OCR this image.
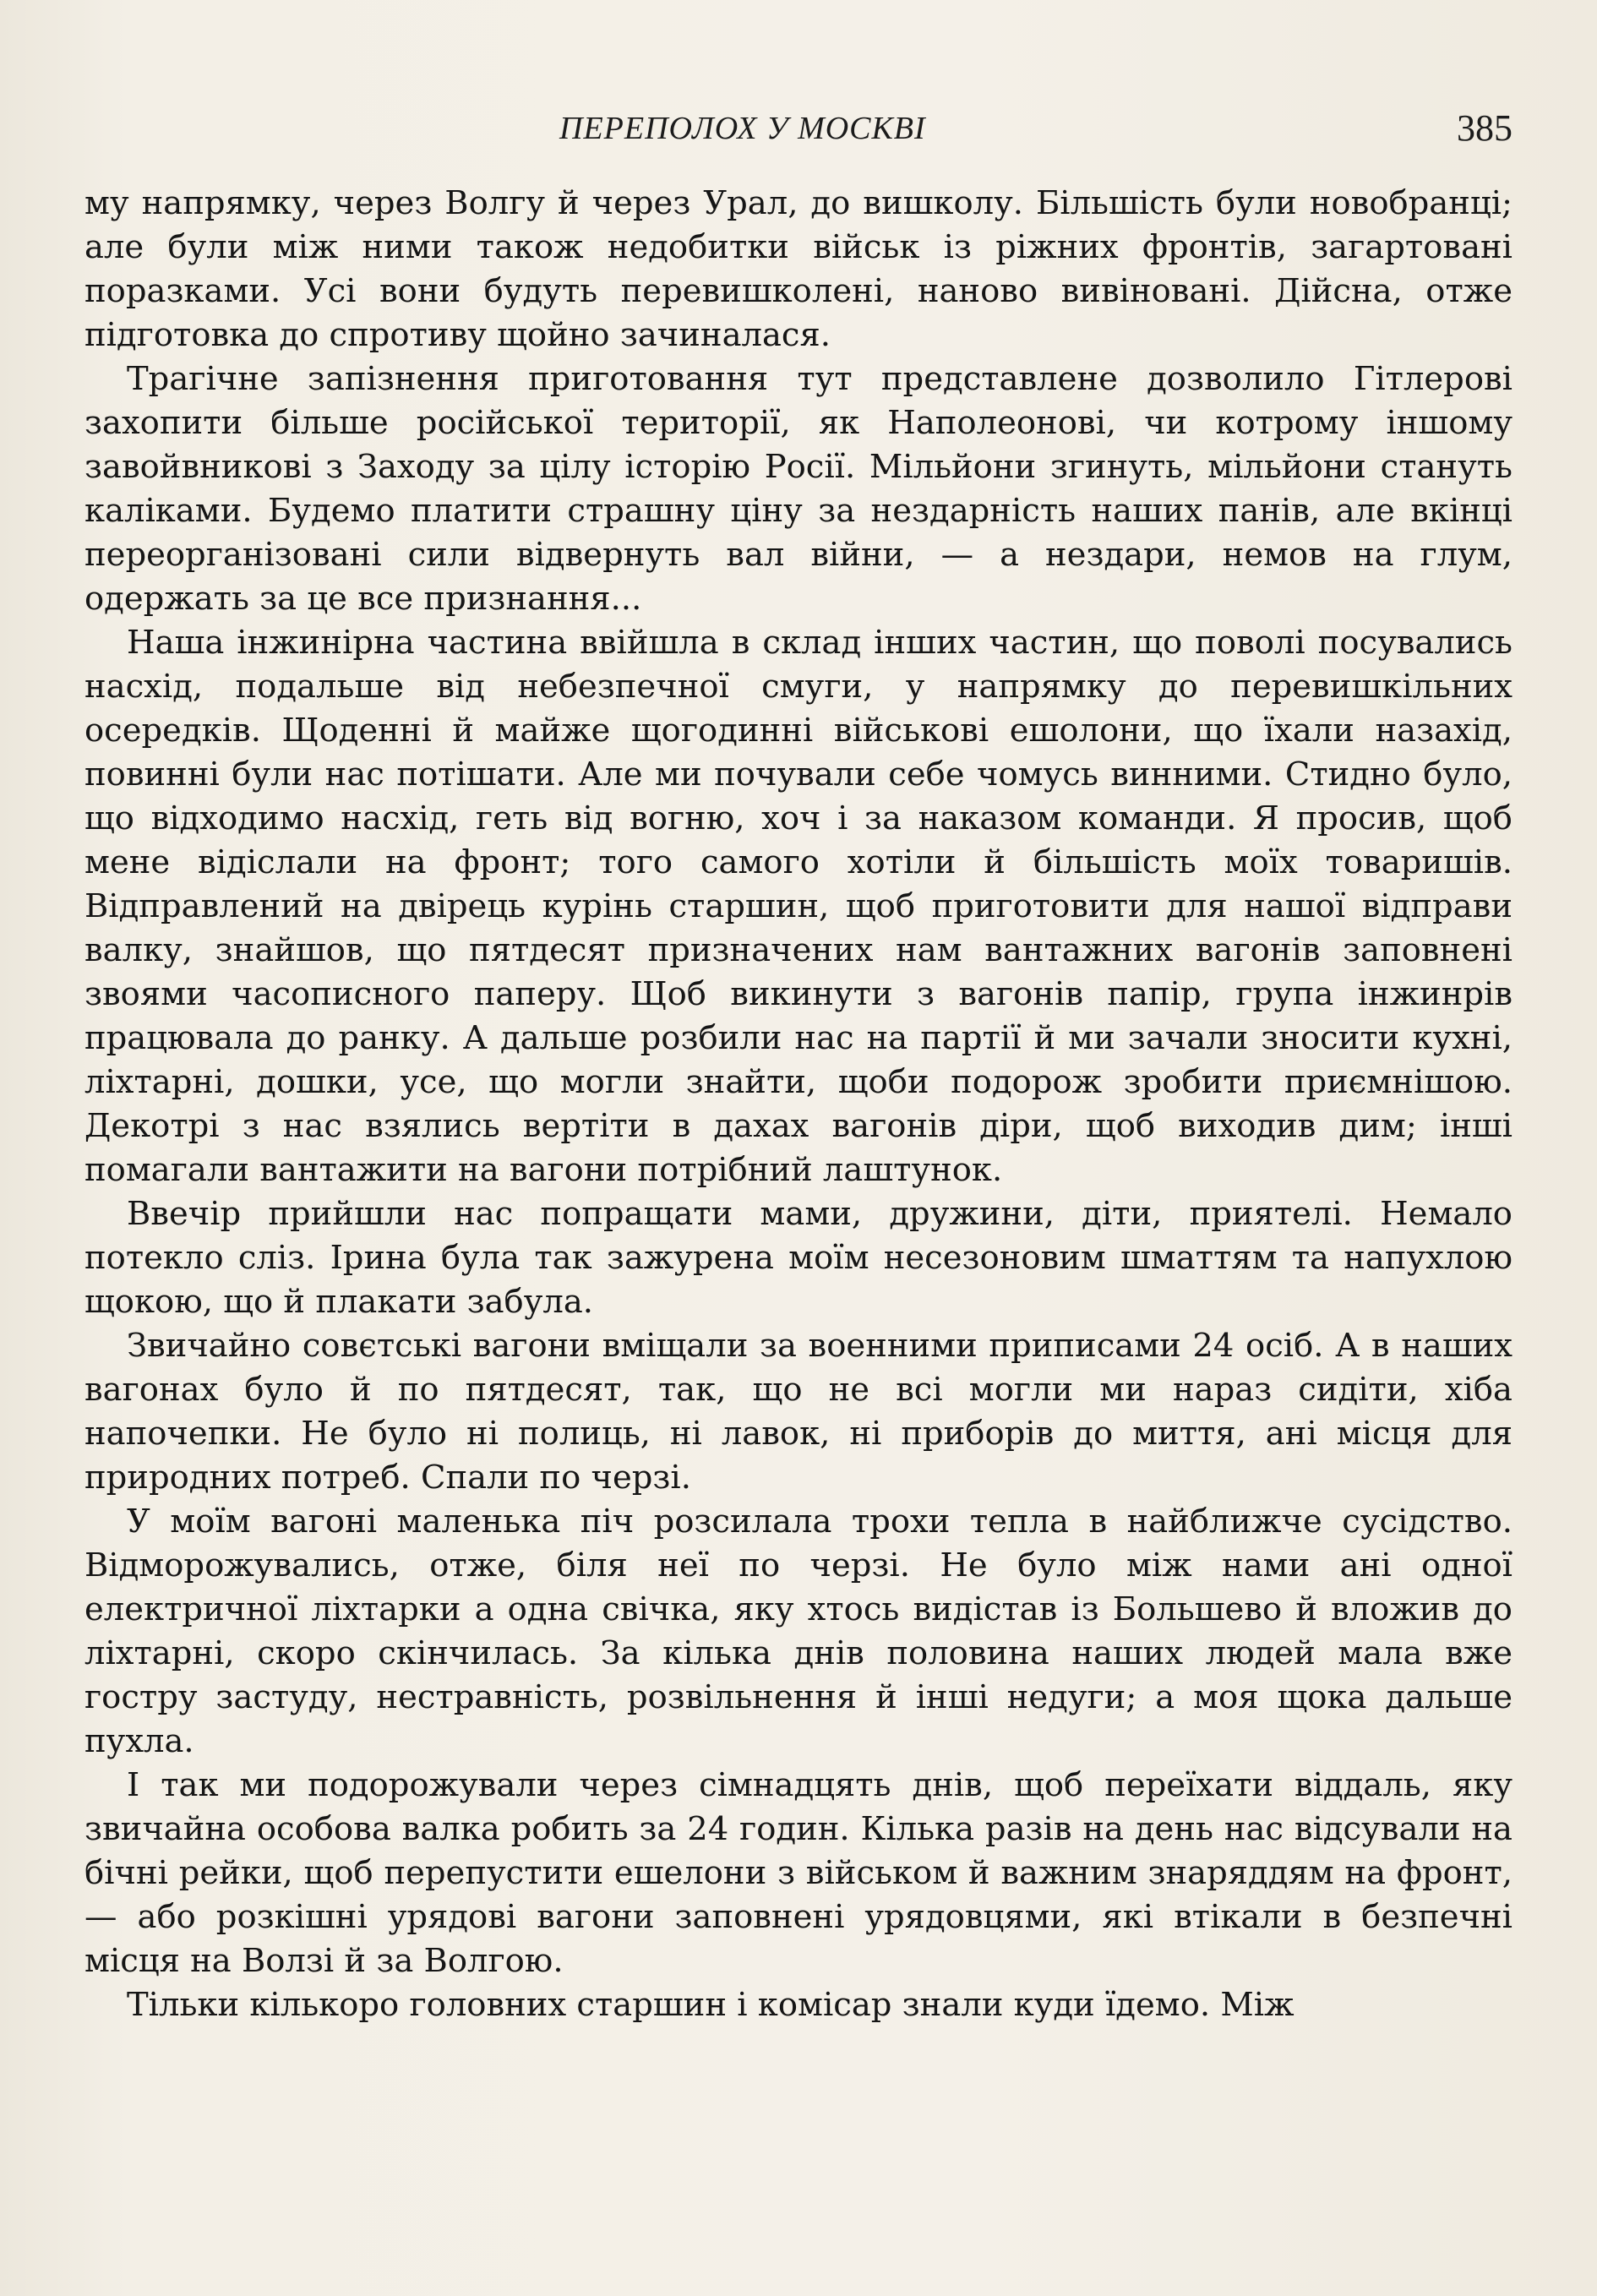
ПЕРЕПОЛОХ У МОСКВІ	385

му напрямку, через Волгу й через Урал, до вишколу. Більшість були новобранці; але були між ними також недобитки військ із ріжних фронтів, загартовані поразками. Усі вони будуть перевишколені, наново вивіновані. Дійсна, отже підготовка до спротиву щойно зачиналася.

Трагічне запізнення приготовання тут представлене дозволило Гітлерові захопити більше російської території, як Наполеонові, чи котрому іншому завойвникові з Заходу за цілу історію Росії. Мільйони згинуть, мільйони стануть каліками. Будемо платити страшну ціну за нездарність наших панів, але вкінці переорганізовані сили відвернуть вал війни, — а нездари, немов на глум, одержать за це все признання...

Наша інжинірна частина ввійшла в склад інших частин, що поволі посувались насхід, подальше від небезпечної смуги, у напрямку до перевишкільних осередків. Щоденні й майже щогодинні військові ешолони, що їхали назахід, повинні були нас потішати. Але ми почували себе чомусь винними. Стидно було, що відходимо насхід, геть від вогню, хоч і за наказом команди. Я просив, щоб мене відіслали на фронт; того самого хотіли й більшість моїх товаришів. Відправлений на двірець курінь старшин, щоб приготовити для нашої відправи валку, знайшов, що пятдесят призначених нам вантажних вагонів заповнені звоями часописного паперу. Щоб викинути з вагонів папір, група інжинрів працювала до ранку. А дальше розбили нас на партії й ми зачали зносити кухні, ліхтарні, дошки, усе, що могли знайти, щоби подорож зробити приємнішою. Декотрі з нас взялись вертіти в дахах вагонів діри, щоб виходив дим; інші помагали вантажити на вагони потрібний лаштунок.

Ввечір прийшли нас попращати мами, дружини, діти, приятелі. Немало потекло сліз. Ірина була так зажурена моїм несезоновим шматтям та напухлою щокою, що й плакати забула.

Звичайно совєтські вагони вміщали за военними приписами 24 осіб. А в наших вагонах було й по пятдесят, так, що не всі могли ми нараз сидіти, хіба напочепки. Не було ні полиць, ні лавок, ні приборів до миття, ані місця для природних потреб. Спали по черзі.

У моїм вагоні маленька піч розсилала трохи тепла в найближче сусідство. Відморожувались, отже, біля неї по черзі. Не було між нами ані одної електричної ліхтарки а одна свічка, яку хтось видістав із Большево й вложив до ліхтарні, скоро скінчилась. За кілька днів половина наших людей мала вже гостру застуду, нестравність, розвільнення й інші недуги; а моя щока дальше пухла.

І так ми подорожували через сімнадцять днів, щоб переїхати віддаль, яку звичайна особова валка робить за 24 годин. Кілька разів на день нас відсували на бічні рейки, щоб перепустити ешелони з військом й важним знаряддям на фронт, — або розкішні урядові вагони заповнені урядовцями, які втікали в безпечні місця на Волзі й за Волгою.

Тільки кількоро головних старшин і комісар знали куди їдемо. Між
